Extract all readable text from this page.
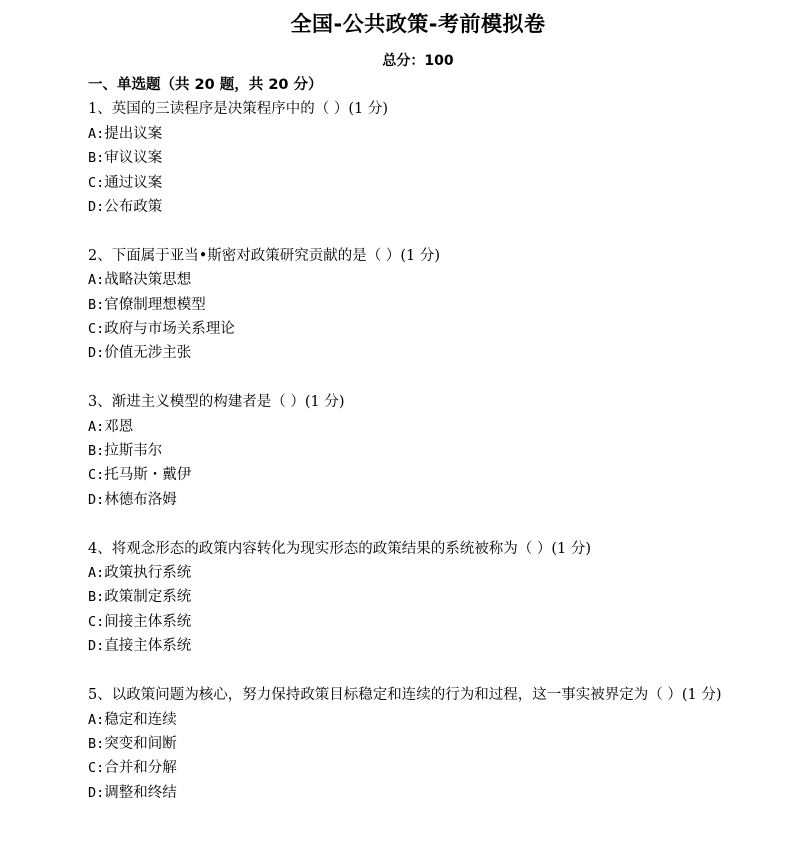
全国-公共政策-考前模拟卷
总分：100
一、单选题（共 20 题，共 20 分）
1、英国的三读程序是决策程序中的（ ）(1 分)
A:提出议案
B:审议议案
C:通过议案
D:公布政策
2、下面属于亚当•斯密对政策研究贡献的是（ ）(1 分)
A:战略决策思想
B:官僚制理想模型
C:政府与市场关系理论
D:价值无涉主张
3、渐进主义模型的构建者是（ ）(1 分)
A:邓恩
B:拉斯韦尔
C:托马斯・戴伊
D:林德布洛姆
4、将观念形态的政策内容转化为现实形态的政策结果的系统被称为（ ）(1 分)
A:政策执行系统
B:政策制定系统
C:间接主体系统
D:直接主体系统
5、以政策问题为核心，努力保持政策目标稳定和连续的行为和过程，这一事实被界定为（ ）(1 分)
A:稳定和连续
B:突变和间断
C:合并和分解
D:调整和终结
